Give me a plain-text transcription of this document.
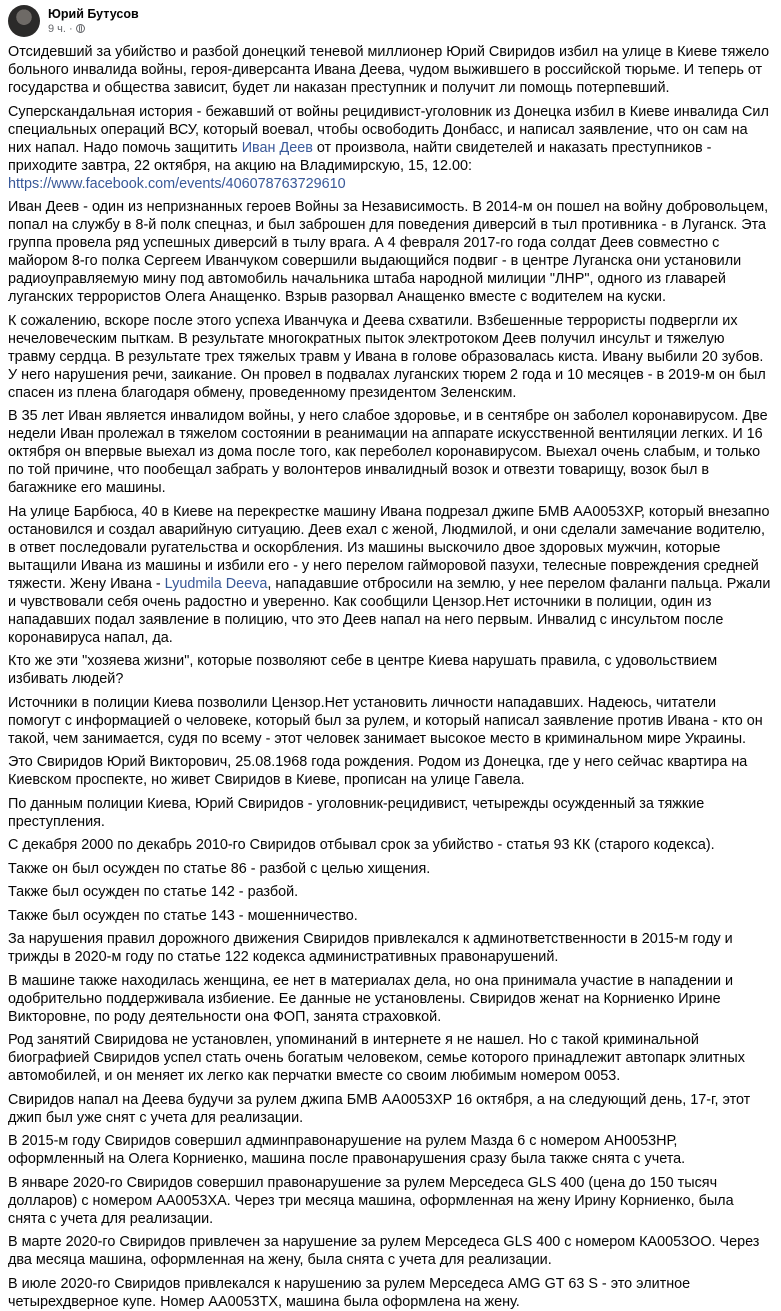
Юрий Бутусов
9 ч. ·

Отсидевший за убийство и разбой донецкий теневой миллионер Юрий Свиридов избил на улице в Киеве тяжело больного инвалида войны, героя-диверсанта Ивана Деева, чудом выжившего в российской тюрьме. И теперь от государства и общества зависит, будет ли наказан преступник и получит ли помощь потерпевший.

Суперскандальная история - бежавший от войны рецидивист-уголовник из Донецка избил в Киеве инвалида Сил специальных операций ВСУ, который воевал, чтобы освободить Донбасс, и написал заявление, что он сам на них напал. Надо помочь защитить Иван Деев от произвола, найти свидетелей и наказать преступников - приходите завтра, 22 октября, на акцию на Владимирскую, 15, 12.00: https://www.facebook.com/events/406078763729610

Иван Деев - один из непризнанных героев Войны за Независимость. В 2014-м он пошел на войну добровольцем, попал на службу в 8-й полк спецназ, и был заброшен для поведения диверсий в тыл противника - в Луганск. Эта группа провела ряд успешных диверсий в тылу врага. А 4 февраля 2017-го года солдат Деев совместно с майором 8-го полка Сергеем Иванчуком совершили выдающийся подвиг - в центре Луганска они установили радиоуправляемую мину под автомобиль начальника штаба народной милиции "ЛНР", одного из главарей луганских террористов Олега Анащенко. Взрыв разорвал Анащенко вместе с водителем на куски.

К сожалению, вскоре после этого успеха Иванчука и Деева схватили. Взбешенные террористы подвергли их нечеловеческим пыткам. В результате многократных пыток электротоком Деев получил инсульт и тяжелую травму сердца. В результате трех тяжелых травм у Ивана в голове образовалась киста. Ивану выбили 20 зубов. У него нарушения речи, заикание. Он провел в подвалах луганских тюрем 2 года и 10 месяцев - в 2019-м он был спасен из плена благодаря обмену, проведенному президентом Зеленским.

В 35 лет Иван является инвалидом войны, у него слабое здоровье, и в сентябре он заболел коронавирусом. Две недели Иван пролежал в тяжелом состоянии в реанимации на аппарате искусственной вентиляции легких. И 16 октября он впервые выехал из дома после того, как переболел коронавирусом. Выехал очень слабым, и только по той причине, что пообещал забрать у волонтеров инвалидный возок и отвезти товарищу, возок был в багажнике его машины.

На улице Барбюса, 40 в Киеве на перекрестке машину Ивана подрезал джипе БМВ АА0053ХР, который внезапно остановился и создал аварийную ситуацию. Деев ехал с женой, Людмилой, и они сделали замечание водителю, в ответ последовали ругательства и оскорбления. Из машины выскочило двое здоровых мужчин, которые вытащили Ивана из машины и избили его - у него перелом гайморовой пазухи, телесные повреждения средней тяжести. Жену Ивана - Lyudmila Deeva, нападавшие отбросили на землю, у нее перелом фаланги пальца. Ржали и чувствовали себя очень радостно и уверенно. Как сообщили Цензор.Нет источники в полиции, один из нападавших подал заявление в полицию, что это Деев напал на него первым. Инвалид с инсультом после коронавируса напал, да.

Кто же эти "хозяева жизни", которые позволяют себе в центре Киева нарушать правила, с удовольствием избивать людей?

Источники в полиции Киева позволили Цензор.Нет установить личности нападавших. Надеюсь, читатели помогут с информацией о человеке, который был за рулем, и который написал заявление против Ивана - кто он такой, чем занимается, судя по всему - этот человек занимает высокое место в криминальном мире Украины.

Это Свиридов Юрий Викторович, 25.08.1968 года рождения. Родом из Донецка, где у него сейчас квартира на Киевском проспекте, но живет Свиридов в Киеве, прописан на улице Гавела.

По данным полиции Киева, Юрий Свиридов - уголовник-рецидивист, четырежды осужденный за тяжкие преступления.

С декабря 2000 по декабрь 2010-го Свиридов отбывал срок за убийство - статья 93 КК (старого кодекса).

Также он был осужден по статье 86 - разбой с целью хищения.

Также был осужден по статье 142 - разбой.

Также был осужден по статье 143 - мошенничество.

За нарушения правил дорожного движения Свиридов привлекался к админответственности в 2015-м году и трижды в 2020-м году по статье 122 кодекса административных правонарушений.

В машине также находилась женщина, ее нет в материалах дела, но она принимала участие в нападении и одобрительно поддерживала избиение. Ее данные не установлены. Свиридов женат на Корниенко Ирине Викторовне, по роду деятельности она ФОП, занята страховкой.

Род занятий Свиридова не установлен, упоминаний в интернете я не нашел. Но с такой криминальной биографией Свиридов успел стать очень богатым человеком, семье которого принадлежит автопарк элитных автомобилей, и он меняет их легко как перчатки вместе со своим любимым номером 0053.

Свиридов напал на Деева будучи за рулем джипа БМВ АА0053ХР 16 октября, а на следующий день, 17-г, этот джип был уже снят с учета для реализации.

В 2015-м году Свиридов совершил админправонарушение на рулем Мазда 6 с номером АН0053НР, оформленный на Олега Корниенко, машина после правонарушения сразу была также снята с учета.

В январе 2020-го Свиридов совершил правонарушение за рулем Мерседеса GLS 400 (цена до 150 тысяч долларов) с номером АА0053ХА. Через три месяца машина, оформленная на жену Ирину Корниенко, была снята с учета для реализации.

В марте 2020-го Свиридов привлечен за нарушение за рулем Мерседеса GLS 400 с номером КА0053ОО. Через два месяца машина, оформленная на жену, была снята с учета для реализации.

В июле 2020-го Свиридов привлекался к нарушению за рулем Мерседеса AMG GT 63 S - это элитное четырехдверное купе. Номер АА0053ТХ, машина была оформлена на жену.
